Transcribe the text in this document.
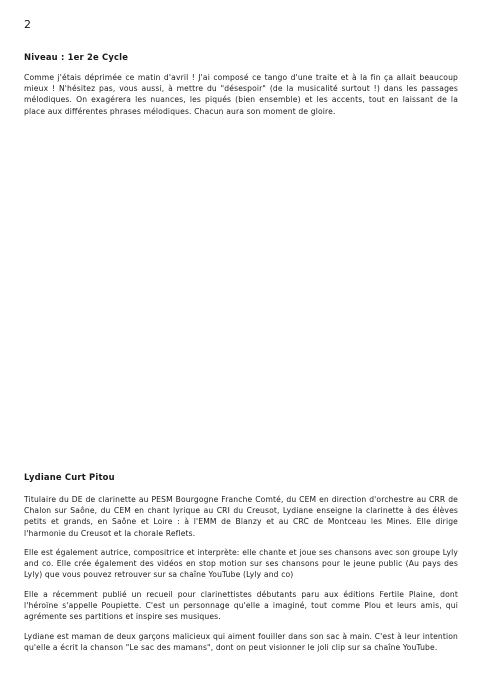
2
Niveau : 1er 2e Cycle
Comme j'étais déprimée ce matin d'avril ! J'ai composé ce tango d'une traite et à la fin ça allait beaucoup mieux ! N'hésitez pas, vous aussi, à mettre du "désespoir" (de la musicalité surtout !) dans les passages mélodiques. On exagérera les nuances, les piqués (bien ensemble) et les accents, tout en laissant de la place aux différentes phrases mélodiques. Chacun aura son moment de gloire.
Lydiane Curt Pitou
Titulaire du DE de clarinette au PESM Bourgogne Franche Comté, du CEM en direction d'orchestre au CRR de Chalon sur Saône, du CEM en chant lyrique au CRI du Creusot, Lydiane enseigne la clarinette à des élèves petits et grands, en Saône et Loire : à l'EMM de Blanzy et au CRC de Montceau les Mines. Elle dirige l'harmonie du Creusot et la chorale Reflets.
Elle est également autrice, compositrice et interprète: elle chante et joue ses chansons avec son groupe Lyly and co. Elle crée également des vidéos en stop motion sur ses chansons pour le jeune public (Au pays des Lyly) que vous pouvez retrouver sur sa chaîne YouTube (Lyly and co)
Elle a récemment publié un recueil pour clarinettistes débutants paru aux éditions Fertile Plaine, dont l'héroïne s'appelle Poupiette. C'est un personnage qu'elle a imaginé, tout comme Plou et leurs amis, qui agrémente ses partitions et inspire ses musiques.
Lydiane est maman de deux garçons malicieux qui aiment fouiller dans son sac à main. C'est à leur intention qu'elle a écrit la chanson "Le sac des mamans", dont on peut visionner le joli clip sur sa chaîne YouTube.
